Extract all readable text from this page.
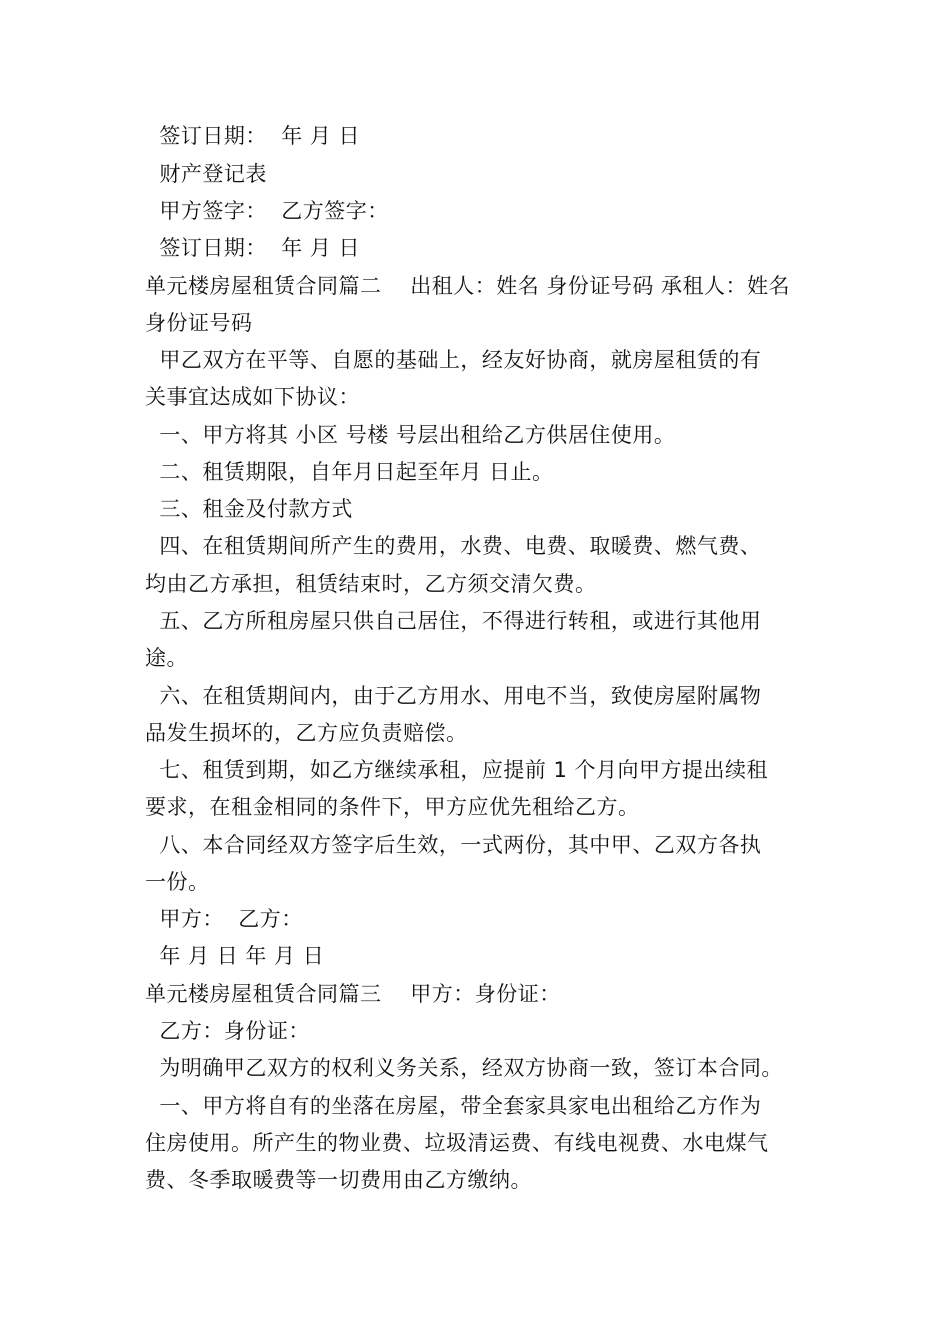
签订日期：  年 月 日
财产登记表
甲方签字：  乙方签字：
签订日期：  年 月 日
单元楼房屋租赁合同篇二    出租人：姓名 身份证号码 承租人：姓名
身份证号码
甲乙双方在平等、自愿的基础上，经友好协商，就房屋租赁的有
关事宜达成如下协议：
一、甲方将其 小区 号楼 号层出租给乙方供居住使用。
二、租赁期限，自年月日起至年月 日止。
三、租金及付款方式
四、在租赁期间所产生的费用，水费、电费、取暖费、燃气费、
均由乙方承担，租赁结束时，乙方须交清欠费。
五、乙方所租房屋只供自己居住，不得进行转租，或进行其他用
途。
六、在租赁期间内，由于乙方用水、用电不当，致使房屋附属物
品发生损坏的，乙方应负责赔偿。
七、租赁到期，如乙方继续承租，应提前 1 个月向甲方提出续租
要求，在租金相同的条件下，甲方应优先租给乙方。
八、本合同经双方签字后生效，一式两份，其中甲、乙双方各执
一份。
甲方：  乙方：
年 月 日 年 月 日
单元楼房屋租赁合同篇三    甲方：身份证：
乙方：身份证：
为明确甲乙双方的权利义务关系，经双方协商一致，签订本合同。
一、甲方将自有的坐落在房屋，带全套家具家电出租给乙方作为
住房使用。所产生的物业费、垃圾清运费、有线电视费、水电煤气
费、冬季取暖费等一切费用由乙方缴纳。
